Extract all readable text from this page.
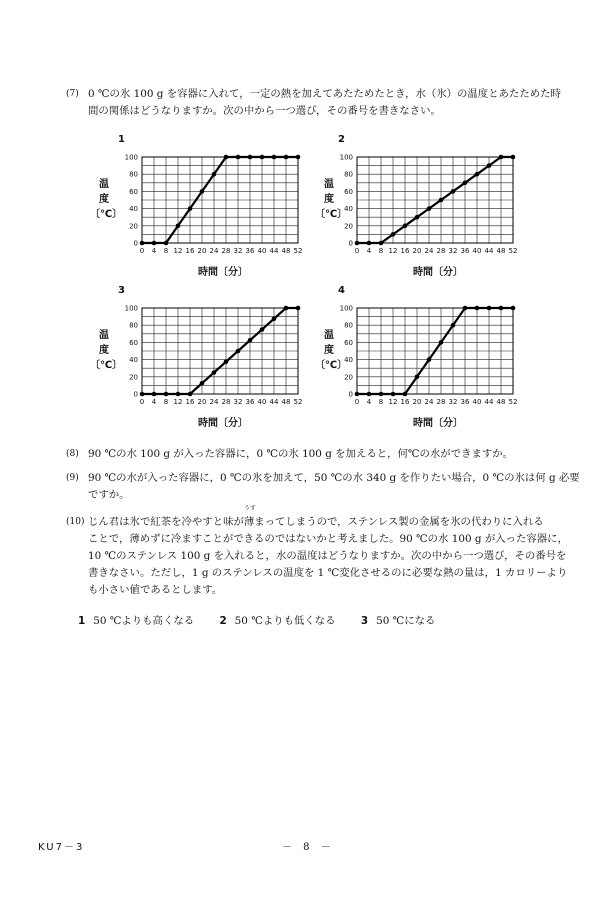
(7) 0 ℃の氷 100 g を容器に入れて，一定の熱を加えてあたためたとき，水（氷）の温度とあたためた時
間の関係はどうなりますか。次の中から一つ選び，その番号を書きなさい。
1
温
度
〔℃〕
0
20
40
60
80
100
0 4 8 12 16 20 24 28 32 36 40 44 48 52
時間〔分〕
2
温
度
〔℃〕
0
20
40
60
80
100
0 4 8 12 16 20 24 28 32 36 40 44 48 52
時間〔分〕
3
温
度
〔℃〕
0
20
40
60
80
100
0 4 8 12 16 20 24 28 32 36 40 44 48 52
時間〔分〕
4
温
度
〔℃〕
0
20
40
60
80
100
0 4 8 12 16 20 24 28 32 36 40 44 48 52
時間〔分〕
(8) 90 ℃の水 100 g が入った容器に，0 ℃の氷 100 g を加えると，何℃の水ができますか。
(9) 90 ℃の水が入った容器に，0 ℃の氷を加えて，50 ℃の水 340 g を作りたい場合，0 ℃の氷は何 g 必要
ですか。
(10) じん君は氷で紅茶を冷やすと味が
うす
薄まってしまうので，ステンレス製の金属を氷の代わりに入れる
ことで，薄めずに冷ますことができるのではないかと考えました。90 ℃の水 100 g が入った容器に，
10 ℃のステンレス 100 g を入れると，水の温度はどうなりますか。次の中から一つ選び，その番号を
書きなさい。ただし，1 g のステンレスの温度を 1 ℃変化させるのに必要な熱の量は，1 カロリーより
も小さい値であるとします。
1 50 ℃よりも高くなる 2 50 ℃よりも低くなる 3 50 ℃になる
KU7－3	－ 8 －
